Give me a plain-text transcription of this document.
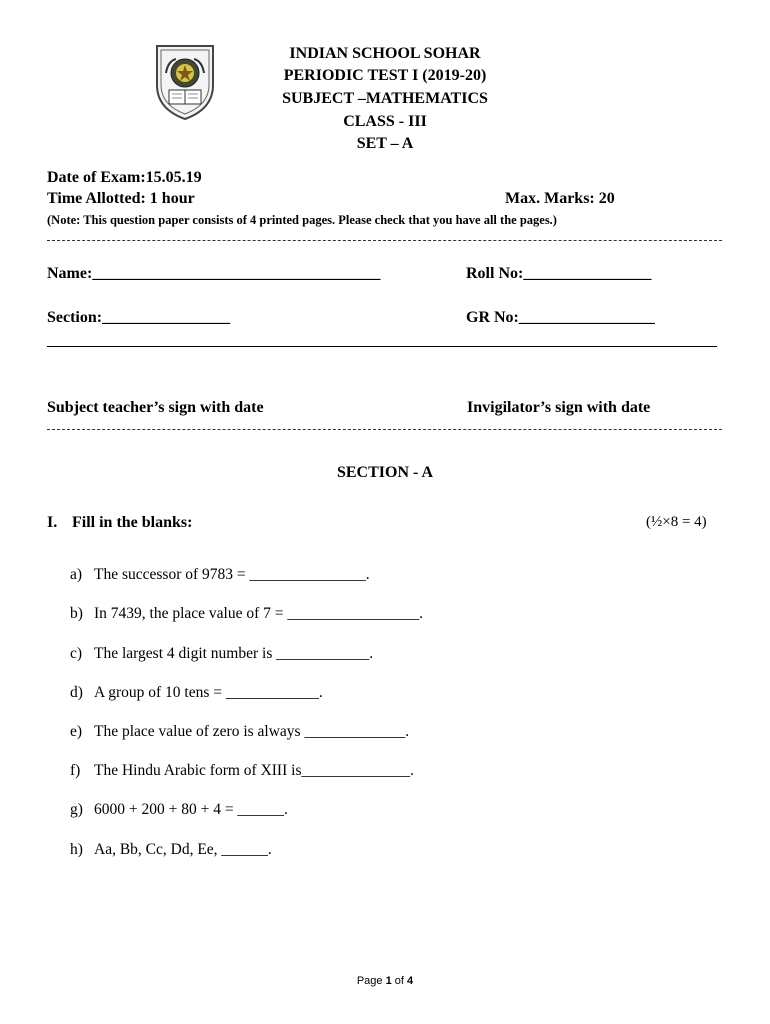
INDIAN SCHOOL SOHAR
PERIODIC TEST I (2019-20)
SUBJECT –MATHEMATICS
CLASS - III
SET – A
Date of Exam:15.05.19
Time Allotted: 1 hour	Max. Marks: 20
(Note: This question paper consists of 4 printed pages. Please check that you have all the pages.)
Name:____________________________________	Roll No:________________
Section:________________	GR No:_________________
Subject teacher’s sign with date	Invigilator’s sign with date
SECTION - A
I. Fill in the blanks:	(½×8 = 4)
a) The successor of 9783 = _______________.
b) In 7439, the place value of 7 = _________________.
c) The largest 4 digit number is ____________.
d) A group of 10 tens = ____________.
e) The place value of zero is always _____________.
f) The Hindu Arabic form of XIII is______________.
g) 6000 + 200 + 80 + 4 = ______.
h) Aa, Bb, Cc, Dd, Ee, ______.
Page 1 of 4
